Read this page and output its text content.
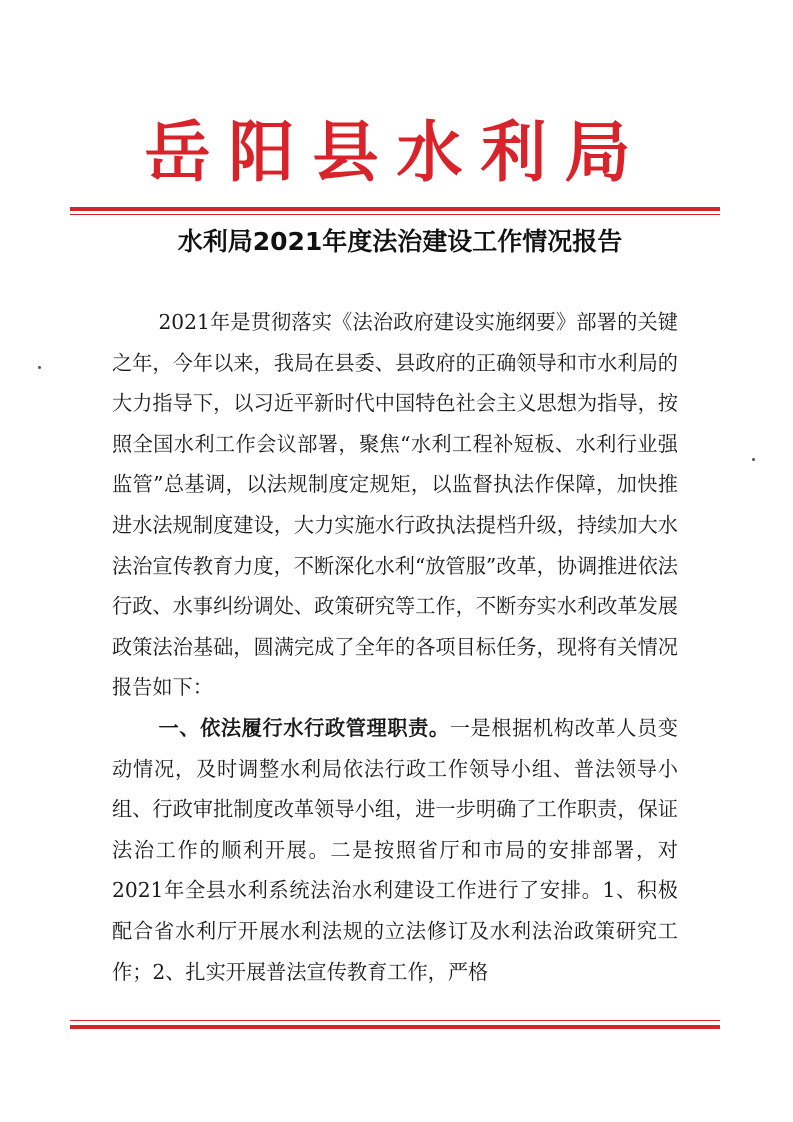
岳阳县水利局
水利局2021年度法治建设工作情况报告

2021年是贯彻落实《法治政府建设实施纲要》部署的关键之年，今年以来，我局在县委、县政府的正确领导和市水利局的大力指导下，以习近平新时代中国特色社会主义思想为指导，按照全国水利工作会议部署，聚焦“水利工程补短板、水利行业强监管”总基调，以法规制度定规矩，以监督执法作保障，加快推进水法规制度建设，大力实施水行政执法提档升级，持续加大水法治宣传教育力度，不断深化水利“放管服”改革，协调推进依法行政、水事纠纷调处、政策研究等工作，不断夯实水利改革发展政策法治基础，圆满完成了全年的各项目标任务，现将有关情况报告如下：

一、依法履行水行政管理职责。一是根据机构改革人员变动情况，及时调整水利局依法行政工作领导小组、普法领导小组、行政审批制度改革领导小组，进一步明确了工作职责，保证法治工作的顺利开展。二是按照省厅和市局的安排部署，对2021年全县水利系统法治水利建设工作进行了安排。1、积极配合省水利厅开展水利法规的立法修订及水利法治政策研究工作；2、扎实开展普法宣传教育工作，严格
